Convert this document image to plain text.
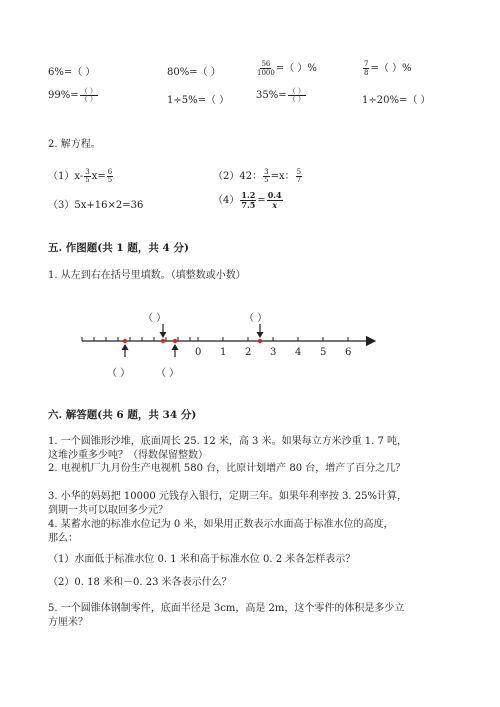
6%=（ ）	80%=（ ）	$\frac{56}{1000}$ =（ ）%	$\frac{7}{8}$ =（ ）%
$99\%= \frac{( )}{( )}$	1÷5%=（ ）	$35\%= \frac{( )}{( )}$	1÷20%=（ ）
2. 解方程。
$(1)x- \frac{3}{5} x= \frac{6}{5}$	（2）42： $\frac{3}{5} =x$： $\frac{5}{7}$
（3）5x+16×2=36	$(4) \frac{1.2}{7.5} = \frac{0.4}{x}$
五. 作图题(共 1 题，共 4 分)
1. 从左到右在括号里填数。（填整数或小数）
（ ）	（ ）
（ ）	（ ）
0 1 2 3 4 5 6
六. 解答题(共 6 题，共 34 分)
1. 一个圆锥形沙堆，底面周长 25. 12 米，高 3 米。如果每立方米沙重 1. 7 吨，
这堆沙重多少吨？（得数保留整数）
2. 电视机厂九月份生产电视机 580 台，比原计划增产 80 台，增产了百分之几？
3. 小华的妈妈把 10000 元钱存入银行，定期三年。如果年利率按 3. 25%计算，
到期一共可以取回多少元？
4. 某蓄水池的标准水位记为 0 米，如果用正数表示水面高于标准水位的高度，
那么：
（1）水面低于标准水位 0. 1 米和高于标准水位 0. 2 米各怎样表示？
（2）0. 18 米和－0. 23 米各表示什么？
5. 一个圆锥体钢制零件，底面半径是 3cm，高是 2m，这个零件的体积是多少立
方厘米？
